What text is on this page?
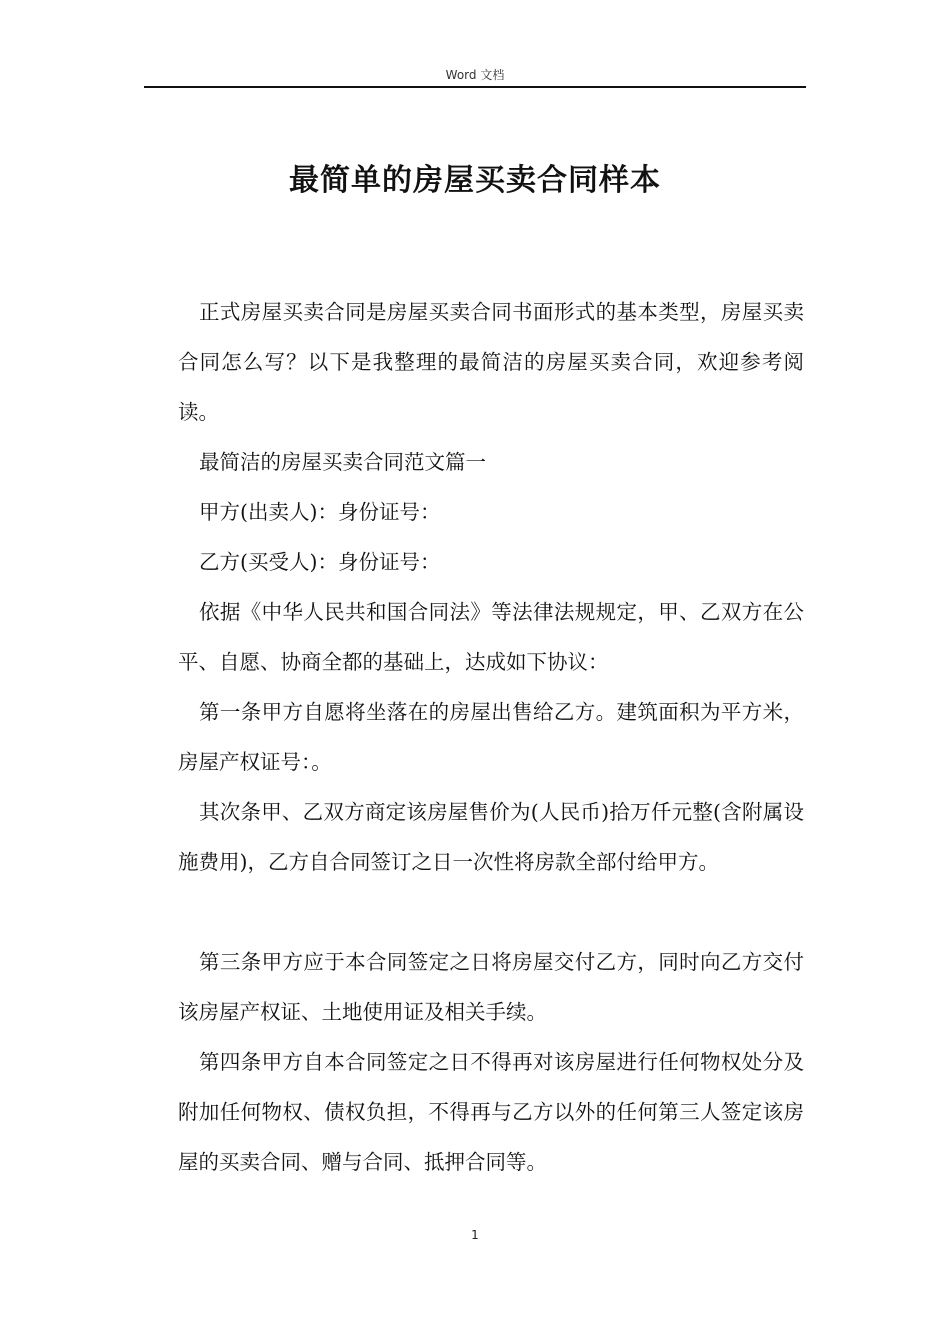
Word 文档
最简单的房屋买卖合同样本

正式房屋买卖合同是房屋买卖合同书面形式的基本类型，房屋买卖合同怎么写？以下是我整理的最简洁的房屋买卖合同，欢迎参考阅读。

最简洁的房屋买卖合同范文篇一

甲方(出卖人)：身份证号：

乙方(买受人)：身份证号：

依据《中华人民共和国合同法》等法律法规规定，甲、乙双方在公平、自愿、协商全都的基础上，达成如下协议：

第一条甲方自愿将坐落在的房屋出售给乙方。建筑面积为平方米，房屋产权证号：。

其次条甲、乙双方商定该房屋售价为(人民币)拾万仟元整(含附属设施费用)，乙方自合同签订之日一次性将房款全部付给甲方。

第三条甲方应于本合同签定之日将房屋交付乙方，同时向乙方交付该房屋产权证、土地使用证及相关手续。

第四条甲方自本合同签定之日不得再对该房屋进行任何物权处分及附加任何物权、债权负担，不得再与乙方以外的任何第三人签定该房屋的买卖合同、赠与合同、抵押合同等。

1
